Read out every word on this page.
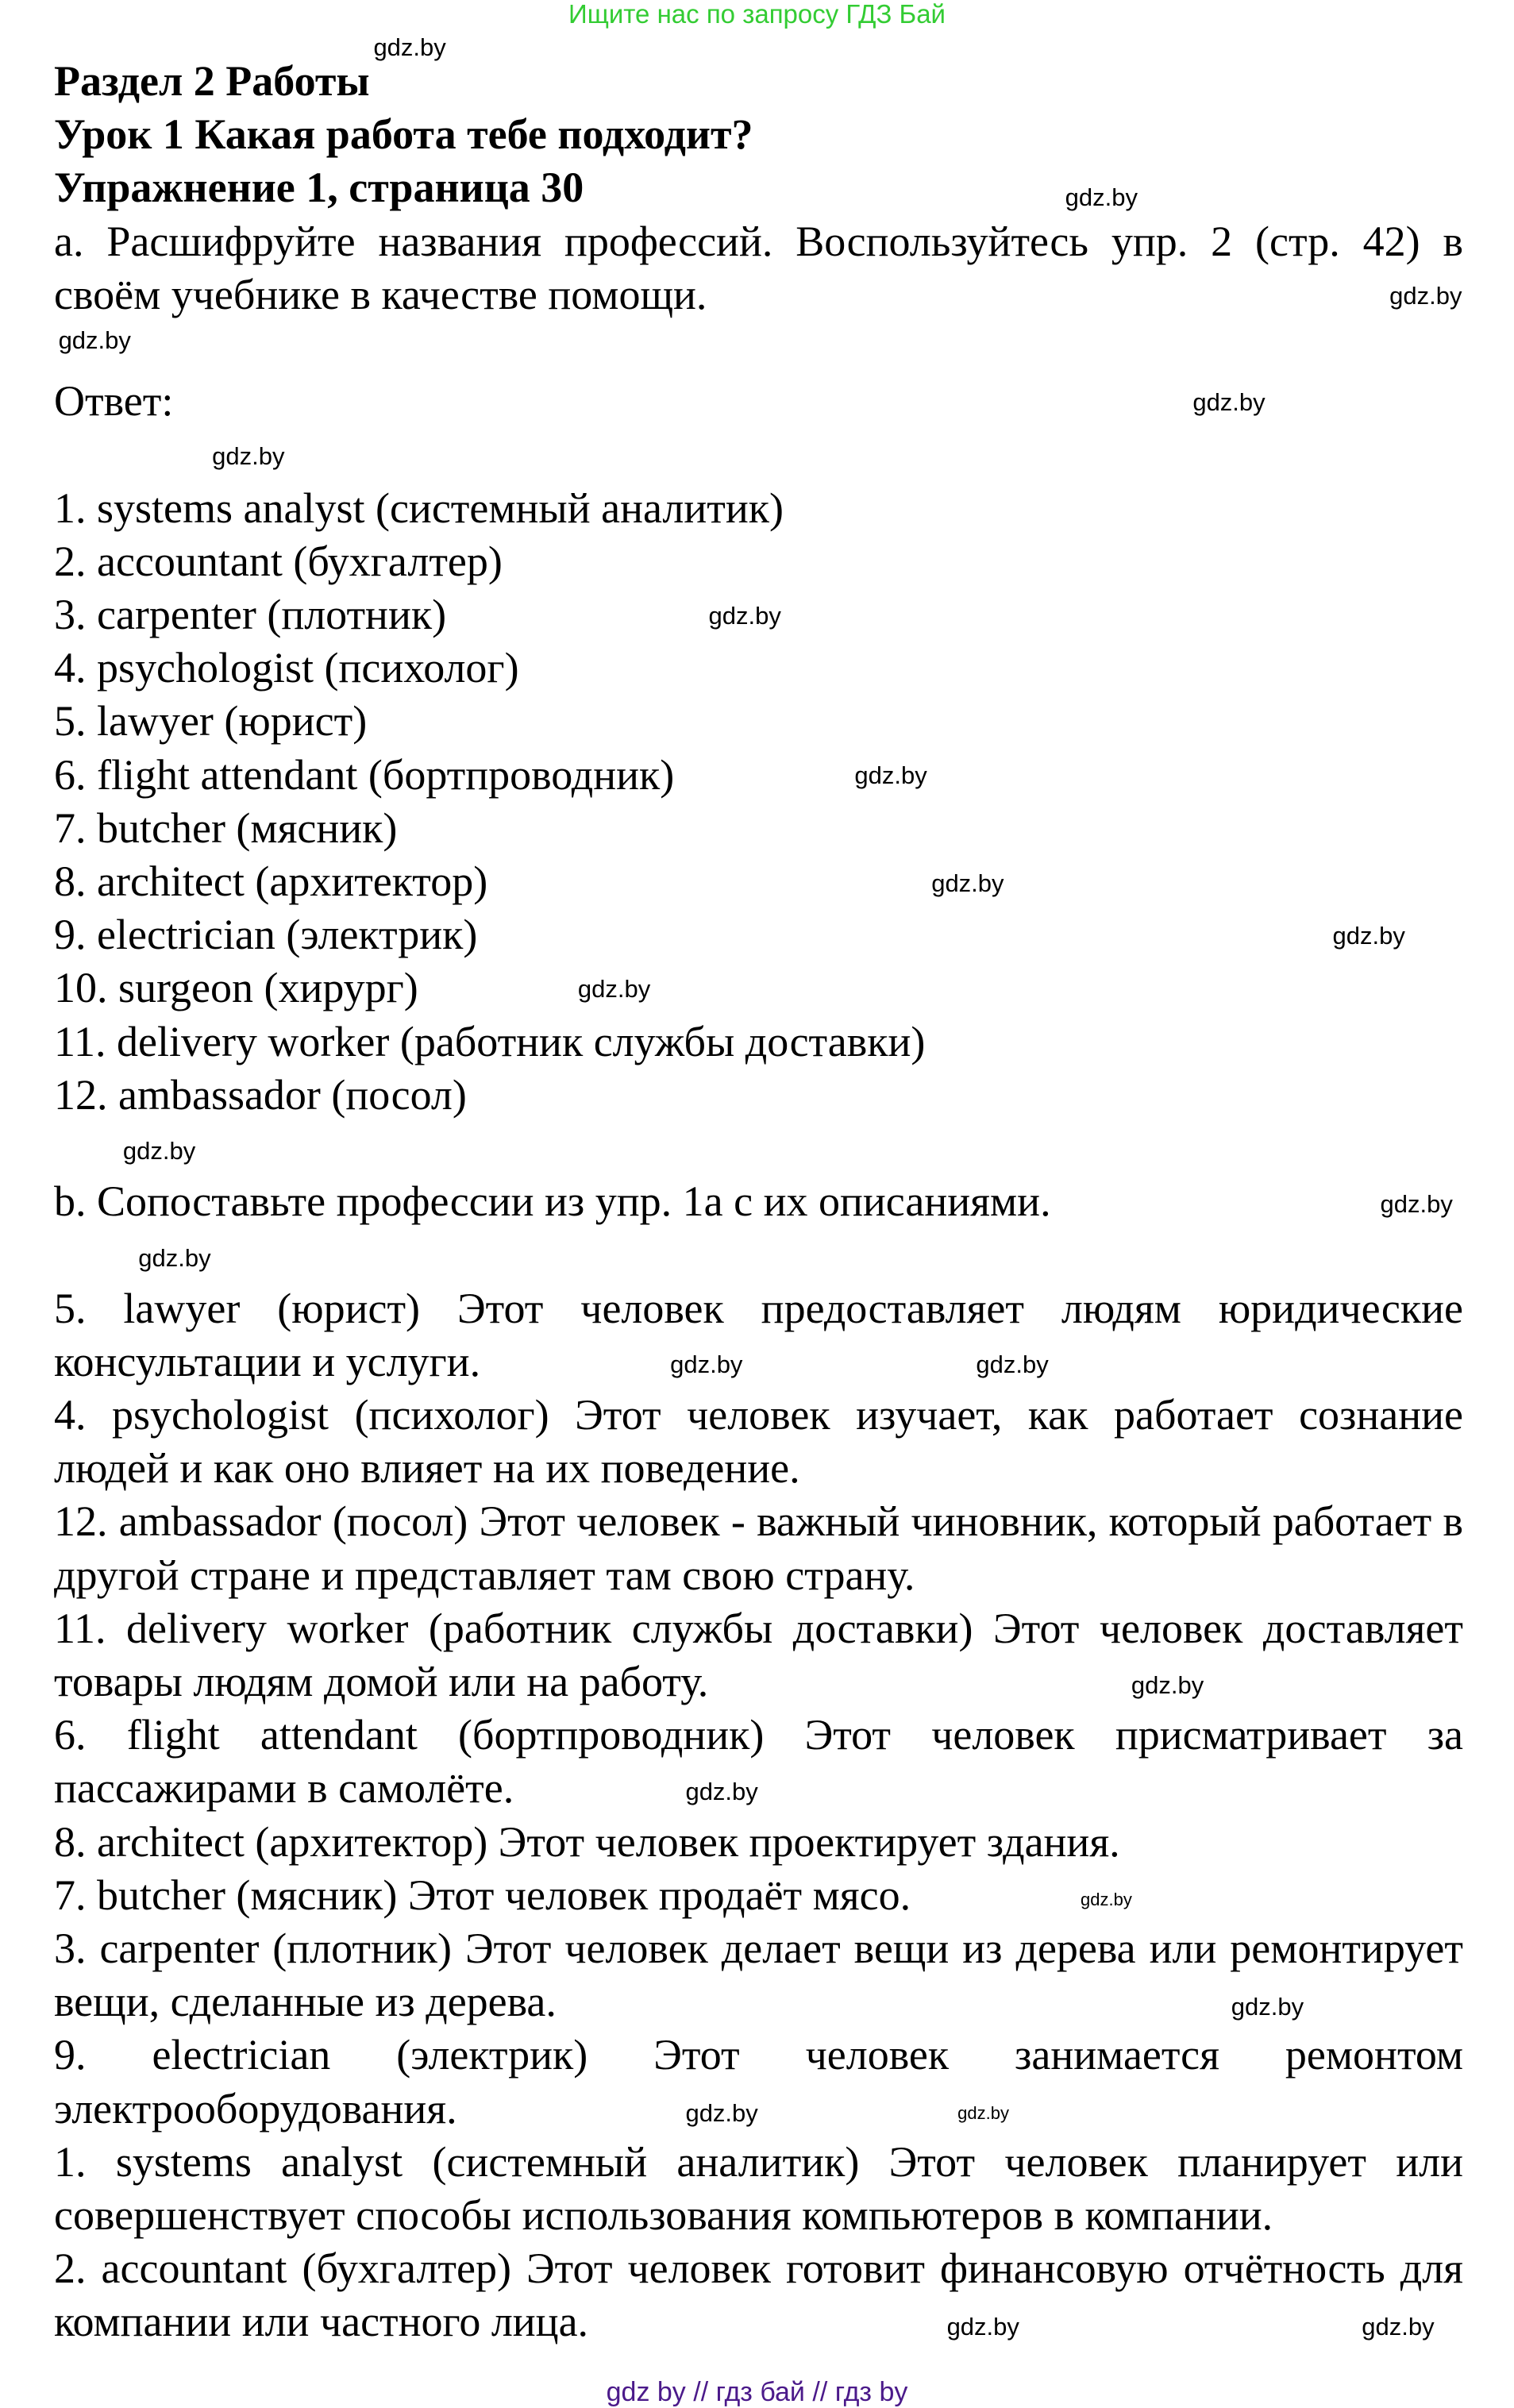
Ищите нас по запросу ГДЗ Бай
Раздел 2 Работы
Урок 1 Какая работа тебе подходит?
Упражнение 1, страница 30

a. Расшифруйте названия профессий. Воспользуйтесь упр. 2 (стр. 42) в своём учебнике в качестве помощи.

Ответ:

1. systems analyst (системный аналитик)

2. accountant (бухгалтер)

3. carpenter (плотник)

4. psychologist (психолог)

5. lawyer (юрист)

6. flight attendant (бортпроводник)

7. butcher (мясник)

8. architect (архитектор)

9. electrician (электрик)

10. surgeon (хирург)

11. delivery worker (работник службы доставки)

12. ambassador (посол)

b. Сопоставьте профессии из упр. 1a с их описаниями.

5. lawyer (юрист) Этот человек предоставляет людям юридические консультации и услуги.

4. psychologist (психолог) Этот человек изучает, как работает сознание людей и как оно влияет на их поведение.

12. ambassador (посол) Этот человек - важный чиновник, который работает в другой стране и представляет там свою страну.

11. delivery worker (работник службы доставки) Этот человек доставляет товары людям домой или на работу.

6. flight attendant (бортпроводник) Этот человек присматривает за пассажирами в самолёте.

8. architect (архитектор) Этот человек проектирует здания.

7. butcher (мясник) Этот человек продаёт мясо.

3. carpenter (плотник) Этот человек делает вещи из дерева или ремонтирует вещи, сделанные из дерева.

9. electrician (электрик) Этот человек занимается ремонтом электрооборудования.

1. systems analyst (системный аналитик) Этот человек планирует или совершенствует способы использования компьютеров в компании.

2. accountant (бухгалтер) Этот человек готовит финансовую отчётность для компании или частного лица.

gdz.by
gdz.by
gdz.by
gdz.by
gdz.by
gdz.by
gdz.by
gdz.by
gdz.by
gdz.by
gdz.by
gdz.by
gdz.by
gdz.by
gdz.by
gdz.by
gdz.by
gdz.by
gdz.by
gdz.by
gdz.by	gdz.by
gdz.by	gdz.by
gdz by // гдз бай // гдз by
